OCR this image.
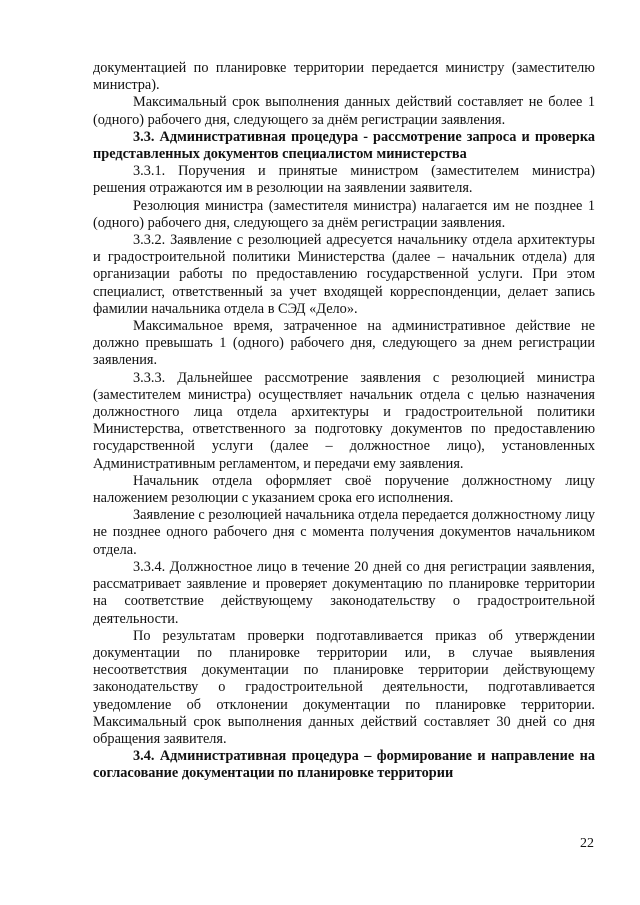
документацией по планировке территории передается министру (заместителю министра).

Максимальный срок выполнения данных действий составляет не более 1 (одного) рабочего дня, следующего за днём регистрации заявления.

3.3. Административная процедура - рассмотрение запроса и проверка представленных документов специалистом министерства

3.3.1. Поручения и принятые министром (заместителем министра) решения отражаются им в резолюции на заявлении заявителя.

Резолюция министра (заместителя министра) налагается им не позднее 1 (одного) рабочего дня, следующего за днём регистрации заявления.

3.3.2. Заявление с резолюцией адресуется начальнику отдела архитектуры и градостроительной политики Министерства (далее – начальник отдела) для организации работы по предоставлению государственной услуги. При этом специалист, ответственный за учет входящей корреспонденции, делает запись фамилии начальника отдела в СЭД «Дело».

Максимальное время, затраченное на административное действие не должно превышать 1 (одного) рабочего дня, следующего за днем регистрации заявления.

3.3.3. Дальнейшее рассмотрение заявления с резолюцией министра (заместителем министра) осуществляет начальник отдела с целью назначения должностного лица отдела архитектуры и градостроительной политики Министерства, ответственного за подготовку документов по предоставлению государственной услуги (далее – должностное лицо), установленных Административным регламентом, и передачи ему заявления.

Начальник отдела оформляет своё поручение должностному лицу наложением резолюции с указанием срока его исполнения.

Заявление с резолюцией начальника отдела передается должностному лицу не позднее одного рабочего дня с момента получения документов начальником отдела.

3.3.4. Должностное лицо в течение 20 дней со дня регистрации заявления, рассматривает заявление и проверяет документацию по планировке территории на соответствие действующему законодательству о градостроительной деятельности.

По результатам проверки подготавливается приказ об утверждении документации по планировке территории или, в случае выявления несоответствия документации по планировке территории действующему законодательству о градостроительной деятельности, подготавливается уведомление об отклонении документации по планировке территории. Максимальный срок выполнения данных действий составляет 30 дней со дня обращения заявителя.

3.4. Административная процедура – формирование и направление на согласование документации по планировке территории

22
